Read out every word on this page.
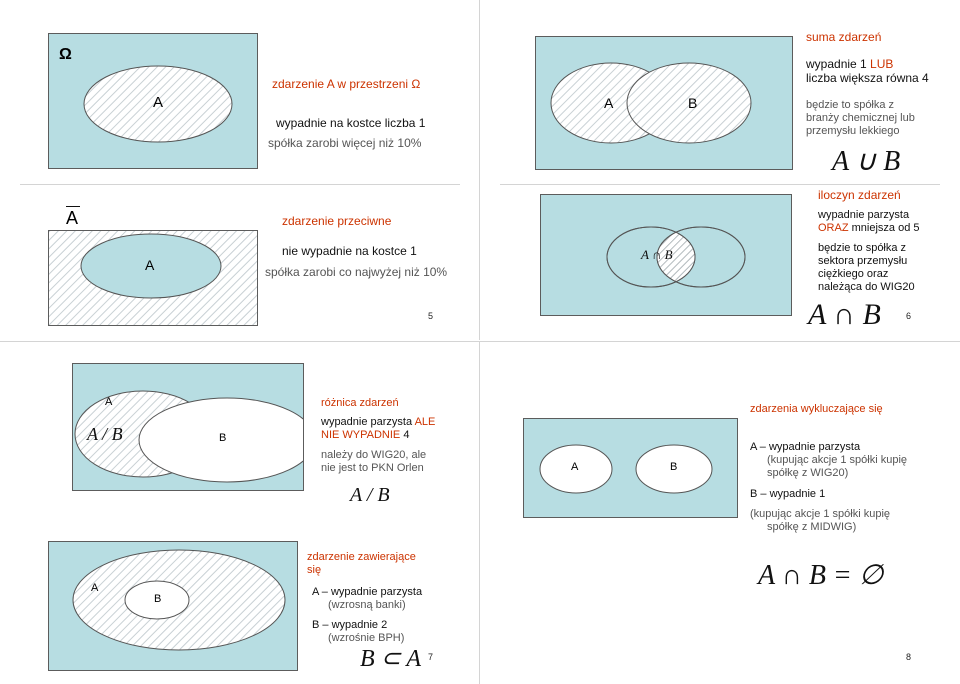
Ω
A
zdarzenie A w przestrzeni Ω
wypadnie na kostce liczba 1
spółka zarobi więcej niż 10%
A	zdarzenie przeciwne
A
nie wypadnie na kostce 1
spółka zarobi co najwyżej niż 10%
5
A	B
suma zdarzeń
wypadnie 1 LUB
liczba większa równa 4
będzie to spółka z
branży chemicznej lub
przemysłu lekkiego
A ∪ B
A ∩ B
iloczyn zdarzeń
wypadnie parzysta
ORAZ mniejsza od 5
będzie to spółka z
sektora przemysłu
ciężkiego oraz
należąca do WIG20
A ∩ B	6
A
A / B	B
różnica zdarzeń
wypadnie parzysta ALE
NIE WYPADNIE 4
należy do WIG20, ale
nie jest to PKN Orlen
A / B
A
B
zdarzenie zawierające
się
A – wypadnie parzysta
(wzrosną banki)
B – wypadnie 2
(wzrośnie BPH)
B ⊂ A 7
A	B
zdarzenia wykluczające się
A – wypadnie parzysta
(kupując akcje 1 spółki kupię
spółkę z WIG20)
B – wypadnie 1
(kupując akcje 1 spółki kupię
spółkę z MIDWIG)
A ∩ B = ∅
8
